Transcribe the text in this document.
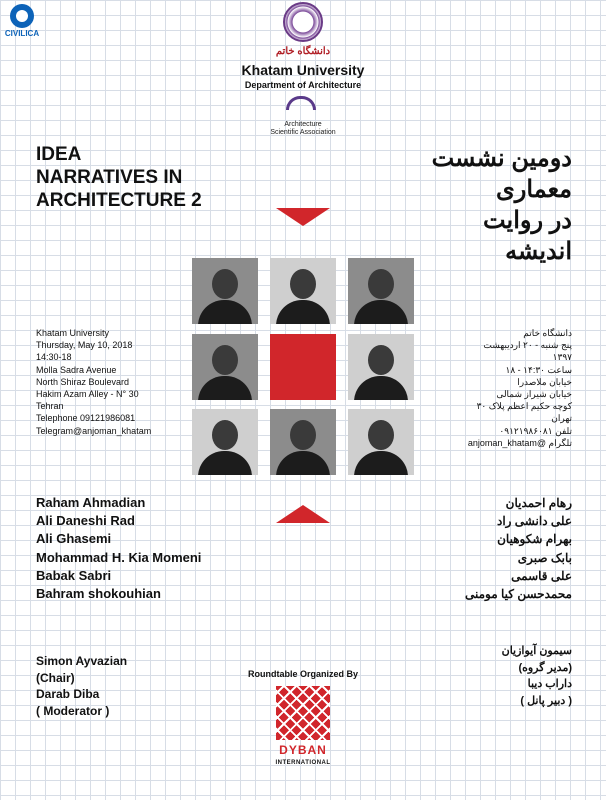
CIVILICA
دانشگاه خاتم
Khatam University
Department of Architecture
Architecture
Scientific Association
IDEA
NARRATIVES IN
ARCHITECTURE 2
دومین نشست
معماری
در روایت
اندیشه
Khatam University
Thursday, May 10, 2018
14:30-18
Molla Sadra Avenue
North Shiraz Boulevard
Hakim Azam Alley - N° 30
Tehran
Telephone 09121986081
Telegram@anjoman_khatam
دانشگاه خاتم
پنج شنبه - ۲۰ اردیبهشت
۱۳۹۷
ساعت ۱۴:۳۰ - ۱۸
خیابان ملاصدرا
خیابان شیراز شمالی
کوچه حکیم اعظم پلاک ۳۰
تهران
تلفن ۰۹۱۲۱۹۸۶۰۸۱
تلگرام @anjoman_khatam
Raham Ahmadian
Ali Daneshi Rad
Ali Ghasemi
Mohammad H. Kia Momeni
Babak Sabri
Bahram shokouhian
رهام احمدیان
علی دانشی راد
بهرام شکوهیان
بابک صبری
علی قاسمی
محمدحسن کیا مومنی
Simon Ayvazian
(Chair)
Darab Diba
( Moderator )
سیمون آیوازیان
(مدیر گروه)
داراب دیبا
( دبیر پانل )
Roundtable Organized By
DYBAN
INTERNATIONAL
